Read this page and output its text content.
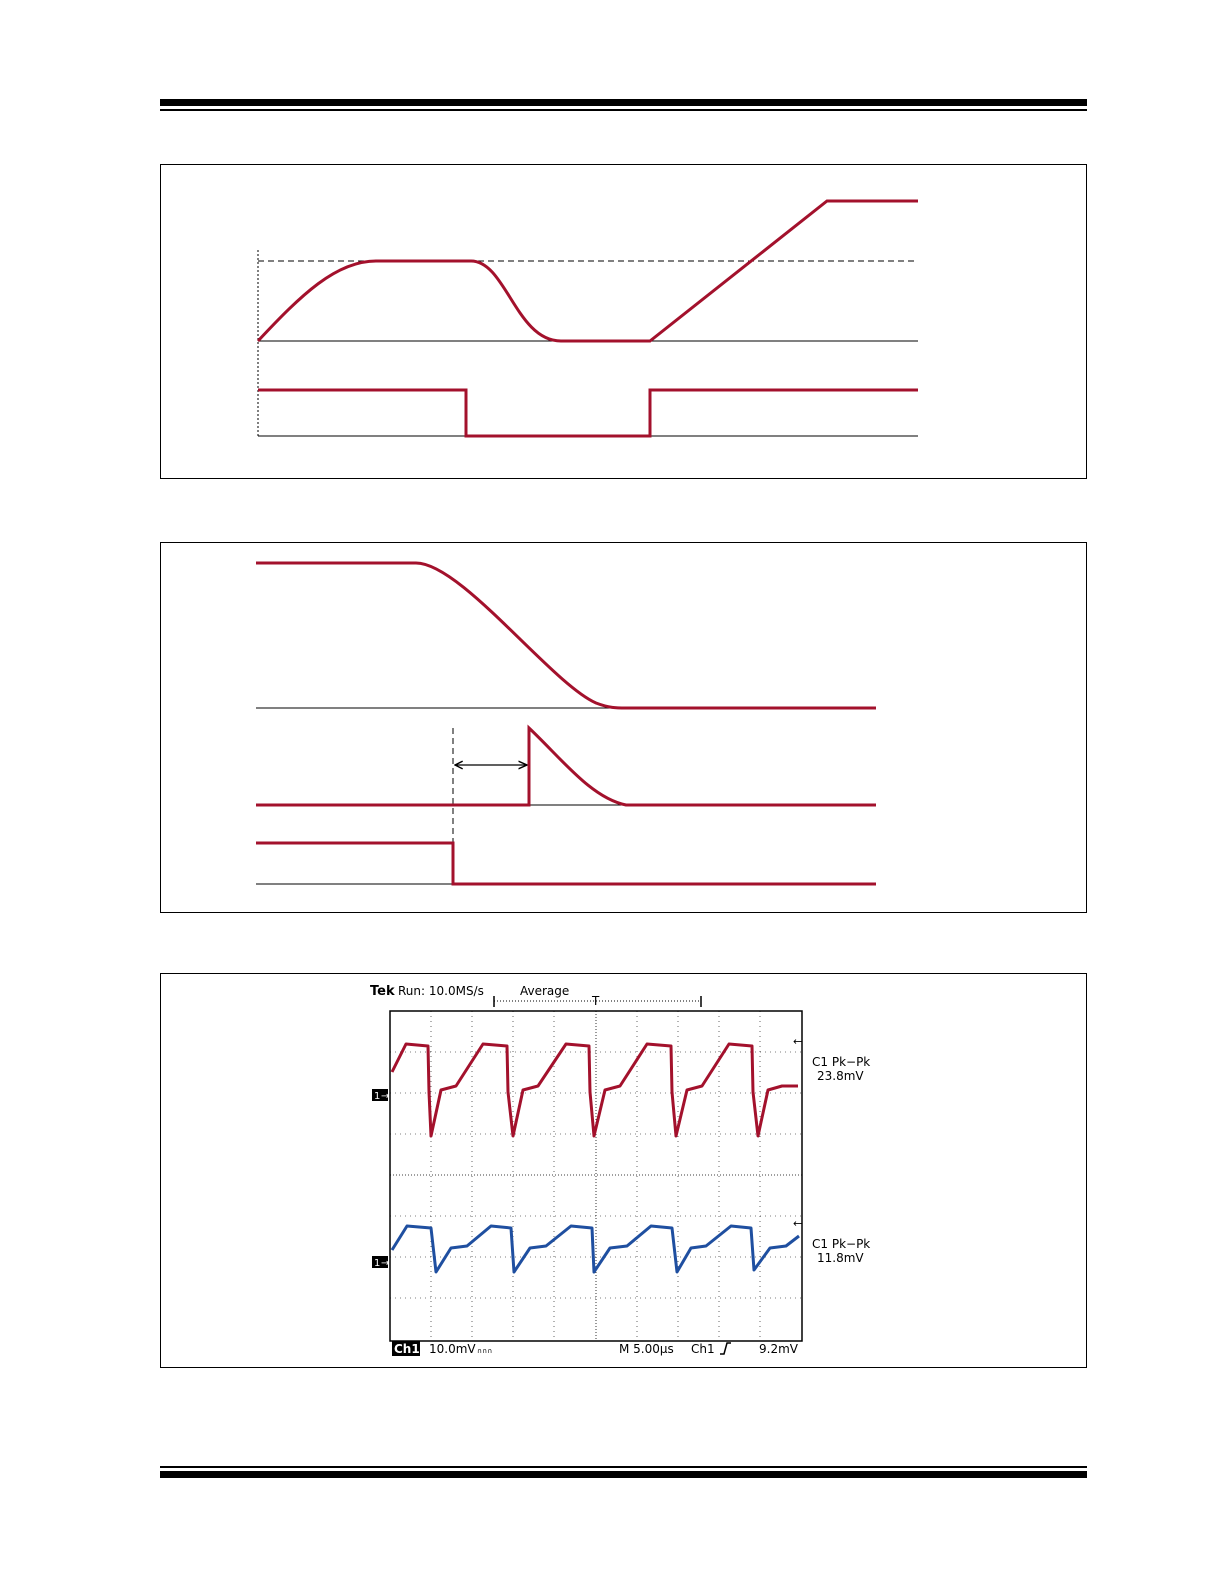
Tek Run: 10.0MS/s	Average
T
1 →
1 →
←
←
C1 Pk−Pk
23.8mV
C1 Pk−Pk
11.8mV
Ch1 10.0mV ∩∩∩	M 5.00µs Ch1	9.2mV
